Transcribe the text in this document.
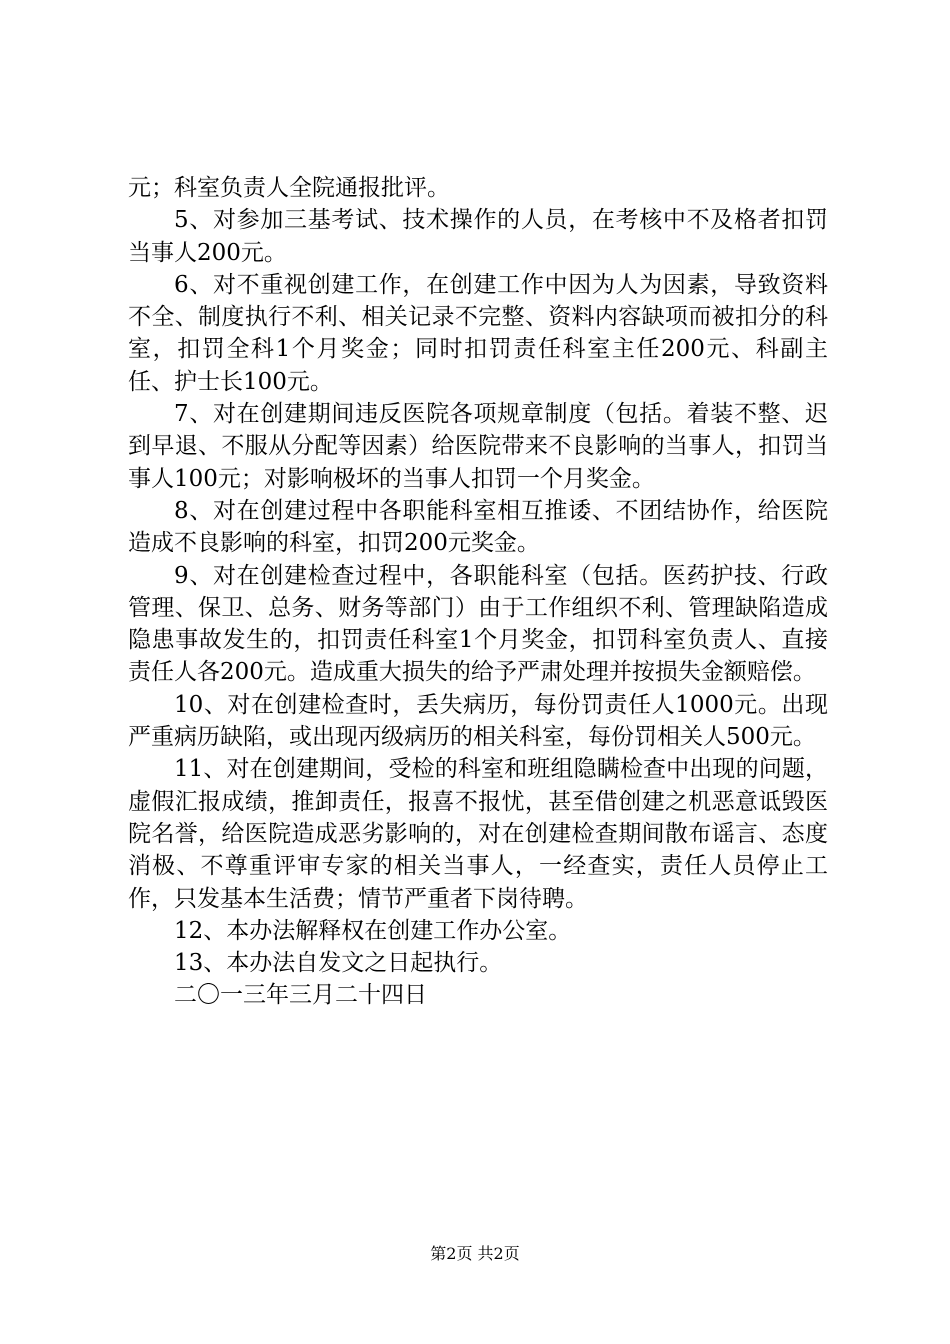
元；科室负责人全院通报批评。

5、对参加三基考试、技术操作的人员，在考核中不及格者扣罚当事人200元。

6、对不重视创建工作，在创建工作中因为人为因素，导致资料不全、制度执行不利、相关记录不完整、资料内容缺项而被扣分的科室，扣罚全科1个月奖金；同时扣罚责任科室主任200元、科副主任、护士长100元。

7、对在创建期间违反医院各项规章制度（包括。着装不整、迟到早退、不服从分配等因素）给医院带来不良影响的当事人，扣罚当事人100元；对影响极坏的当事人扣罚一个月奖金。

8、对在创建过程中各职能科室相互推诿、不团结协作，给医院造成不良影响的科室，扣罚200元奖金。

9、对在创建检查过程中，各职能科室（包括。医药护技、行政管理、保卫、总务、财务等部门）由于工作组织不利、管理缺陷造成隐患事故发生的，扣罚责任科室1个月奖金，扣罚科室负责人、直接责任人各200元。造成重大损失的给予严肃处理并按损失金额赔偿。

10、对在创建检查时，丢失病历，每份罚责任人1000元。出现严重病历缺陷，或出现丙级病历的相关科室，每份罚相关人500元。

11、对在创建期间，受检的科室和班组隐瞒检查中出现的问题，虚假汇报成绩，推卸责任，报喜不报忧，甚至借创建之机恶意诋毁医院名誉，给医院造成恶劣影响的，对在创建检查期间散布谣言、态度消极、不尊重评审专家的相关当事人，一经查实，责任人员停止工作，只发基本生活费；情节严重者下岗待聘。

12、本办法解释权在创建工作办公室。

13、本办法自发文之日起执行。

二〇一三年三月二十四日

第2页 共2页
